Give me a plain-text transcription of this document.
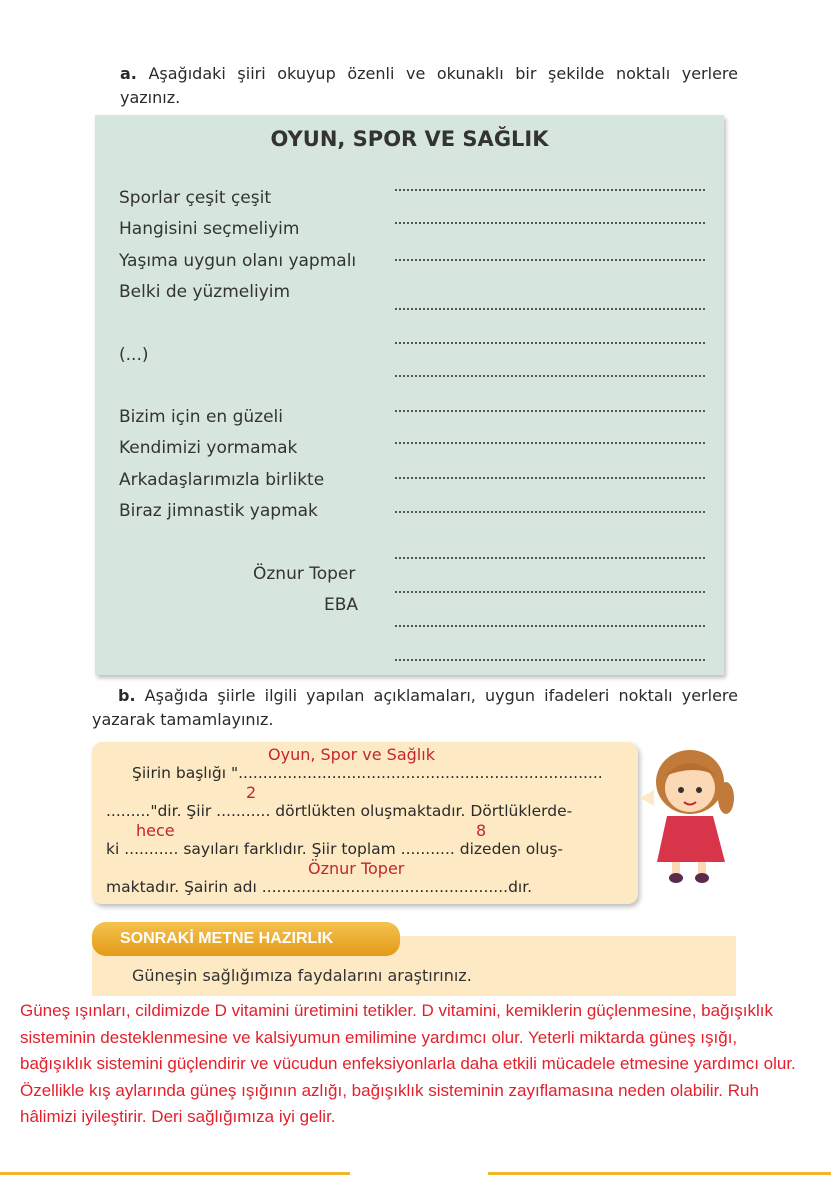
a. Aşağıdaki şiiri okuyup özenli ve okunaklı bir şekilde noktalı yerlere yazınız.
OYUN, SPOR VE SAĞLIK
Sporlar çeşit çeşit
Hangisini seçmeliyim
Yaşıma uygun olanı yapmalı
Belki de yüzmeliyim
(...)
Bizim için en güzeli
Kendimizi yormamak
Arkadaşlarımızla birlikte
Biraz jimnastik yapmak
Öznur Toper
EBA
b. Aşağıda şiirle ilgili yapılan açıklamaları, uygun ifadeleri noktalı yerlere yazarak tamamlayınız.
Oyun, Spor ve Sağlık
Şiirin başlığı "..........................................................................
2
........."dir. Şiir ........... dörtlükten oluşmaktadır. Dörtlüklerde-
hece	8
ki ........... sayıları farklıdır. Şiir toplam ........... dizeden oluş-
Öznur Toper
maktadır. Şairin adı ..................................................dır.
SONRAKİ METNE HAZIRLIK
Güneşin sağlığımıza faydalarını araştırınız.
Güneş ışınları, cildimizde D vitamini üretimini tetikler. D vitamini, kemiklerin güçlenmesine, bağışıklık sisteminin desteklenmesine ve kalsiyumun emilimine yardımcı olur. Yeterli miktarda güneş ışığı, bağışıklık sistemini güçlendirir ve vücudun enfeksiyonlarla daha etkili mücadele etmesine yardımcı olur. Özellikle kış aylarında güneş ışığının azlığı, bağışıklık sisteminin zayıflamasına neden olabilir. Ruh hâlimizi iyileştirir. Deri sağlığımıza iyi gelir.
